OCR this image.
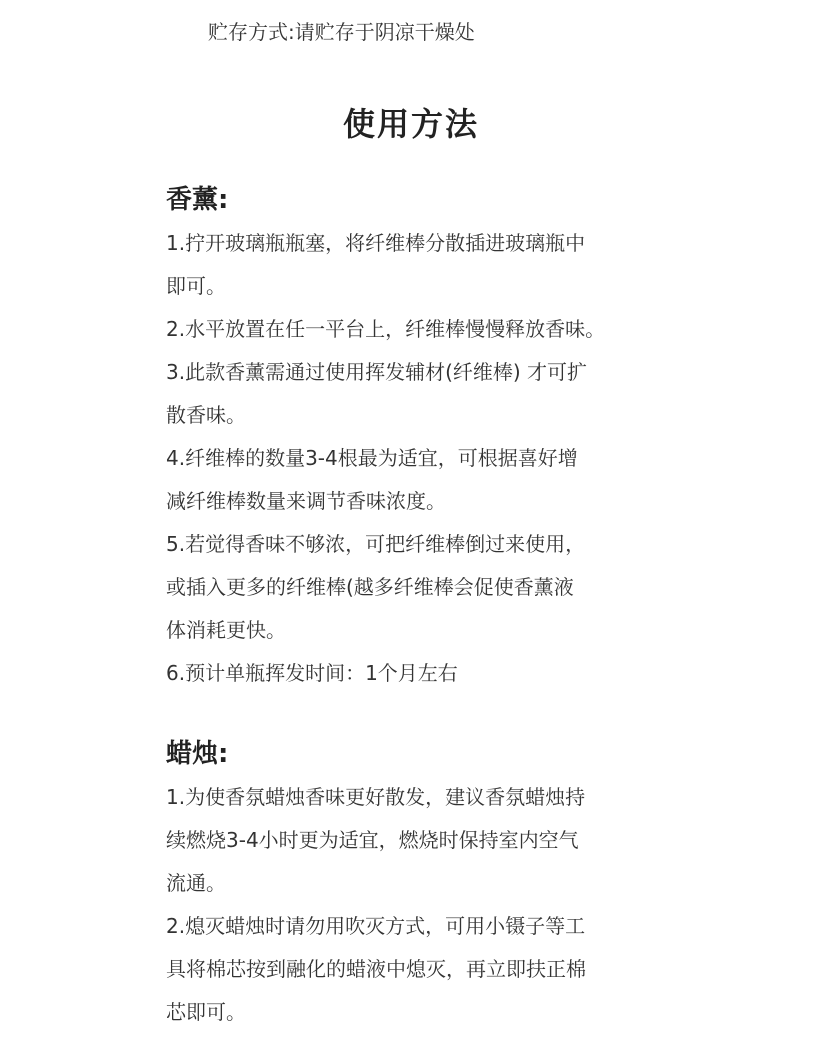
贮存方式:请贮存于阴凉干燥处
使用方法
香薰:
1.拧开玻璃瓶瓶塞，将纤维棒分散插进玻璃瓶中
即可。
2.水平放置在任一平台上，纤维棒慢慢释放香味。
3.此款香薰需通过使用挥发辅材(纤维棒) 才可扩
散香味。
4.纤维棒的数量3-4根最为适宜，可根据喜好增
减纤维棒数量来调节香味浓度。
5.若觉得香味不够浓，可把纤维棒倒过来使用，
或插入更多的纤维棒(越多纤维棒会促使香薰液
体消耗更快。
6.预计单瓶挥发时间：1个月左右
蜡烛:
1.为使香氛蜡烛香味更好散发，建议香氛蜡烛持
续燃烧3-4小时更为适宜，燃烧时保持室内空气
流通。
2.熄灭蜡烛时请勿用吹灭方式，可用小镊子等工
具将棉芯按到融化的蜡液中熄灭，再立即扶正棉
芯即可。
